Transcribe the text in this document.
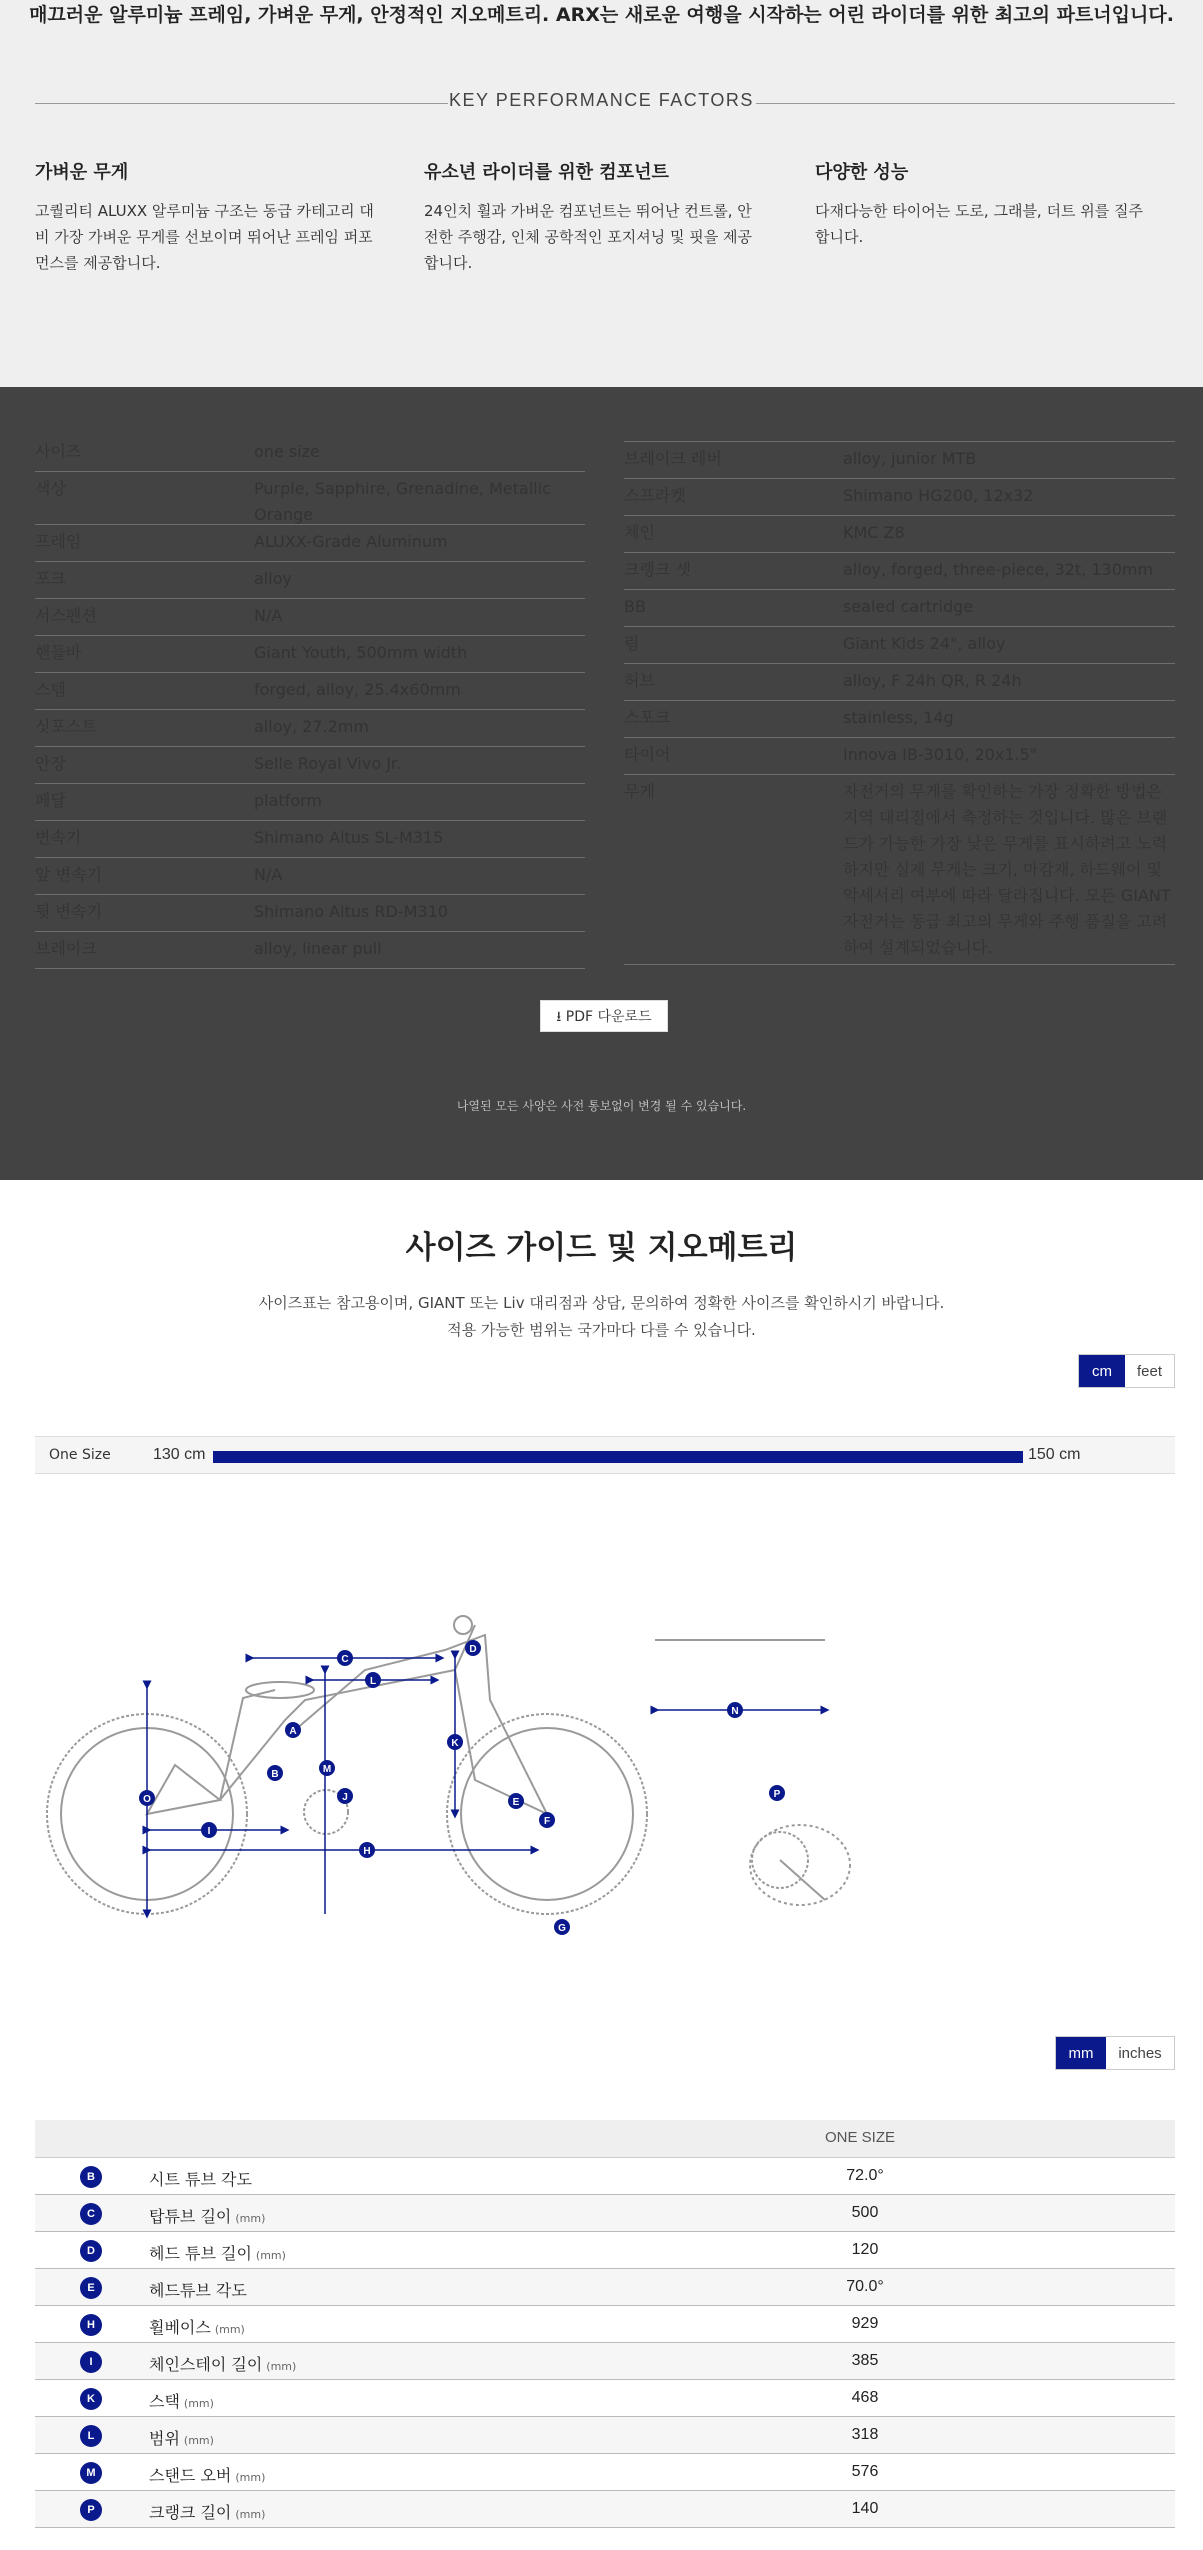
매끄러운 알루미늄 프레임, 가벼운 무게, 안정적인 지오메트리. ARX는 새로운 여행을 시작하는 어린 라이더를 위한 최고의 파트너입니다.
KEY PERFORMANCE FACTORS
가벼운 무게

고퀄리티 ALUXX 알루미늄 구조는 동급 카테고리 대비 가장 가벼운 무게를 선보이며 뛰어난 프레임 퍼포먼스를 제공합니다.

유소년 라이더를 위한 컴포넌트

24인치 휠과 가벼운 컴포넌트는 뛰어난 컨트롤, 안전한 주행감, 인체 공학적인 포지셔닝 및 핏을 제공합니다.

다양한 성능

다재다능한 타이어는 도로, 그래블, 더트 위를 질주합니다.

사이즈	one size
색상	Purple, Sapphire, Grenadine, Metallic Orange
프레임	ALUXX-Grade Aluminum
포크	alloy
서스펜션	N/A
핸들바	Giant Youth, 500mm width
스템	forged, alloy, 25.4x60mm
싯포스트	alloy, 27.2mm
안장	Selle Royal Vivo Jr.
페달	platform
변속기	Shimano Altus SL-M315
앞 변속기	N/A
뒷 변속기	Shimano Altus RD-M310
브레이크	alloy, linear pull
브레이크 레버	alloy, junior MTB
스프라켓	Shimano HG200, 12x32
체인	KMC Z8
크랭크 셋	alloy, forged, three-piece, 32t, 130mm
BB	sealed cartridge
림	Giant Kids 24", alloy
허브	alloy, F 24h QR, R 24h
스포크	stainless, 14g
타이어	Innova IB-3010, 20x1.5"
무게	자전거의 무게를 확인하는 가장 정확한 방법은 지역 대리점에서 측정하는 것입니다. 많은 브랜드가 가능한 가장 낮은 무게를 표시하려고 노력하지만 실제 무게는 크기, 마감재, 하드웨어 및 악세서리 여부에 따라 달라집니다. 모든 GIANT 자전거는 동급 최고의 무게와 주행 품질을 고려하여 설계되었습니다.
⭳ PDF 다운로드
나열된 모든 사양은 사전 통보없이 변경 될 수 있습니다.
사이즈 가이드 및 지오메트리
사이즈표는 참고용이며, GIANT 또는 Liv 대리점과 상담, 문의하여 정확한 사이즈를 확인하시기 바랍니다.
적용 가능한 범위는 국가마다 다를 수 있습니다.
cm	feet
One Size	130 cm	150 cm
A
B
C
D
E
F
G
H
I
J
K
L
M
N
O	P
mm	inches
ONE SIZE
B	시트 튜브 각도	72.0°
C	탑튜브 길이 (mm)	500
D	헤드 튜브 길이 (mm)	120
E	헤드튜브 각도	70.0°
H	휠베이스 (mm)	929
I	체인스테이 길이 (mm)	385
K	스택 (mm)	468
L	범위 (mm)	318
M	스탠드 오버 (mm)	576
P	크랭크 길이 (mm)	140
